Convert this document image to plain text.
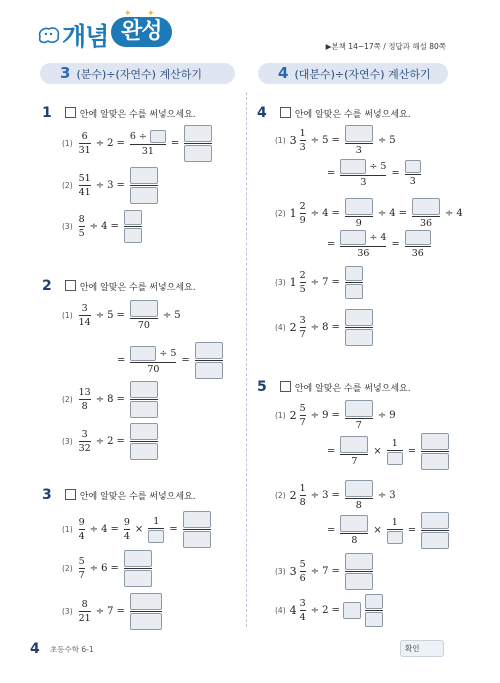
개념 완성
✦ ✦
▶본책 14~17쪽 / 정답과 해설 80쪽
3 (분수)÷(자연수) 계산하기	4 (대분수)÷(자연수) 계산하기
1	안에 알맞은 수를 써넣으세요.
(1)
6
31
÷ 2 =
6 ÷
31
=
(2)
51
41
÷ 3 =
(3)
8
5
÷ 4 =
2	안에 알맞은 수를 써넣으세요.
(1)
3
14
÷ 5 =
70
÷ 5
=
÷ 5
70
=
(2)
13
8
÷ 8 =
(3)
3
32
÷ 2 =
3	안에 알맞은 수를 써넣으세요.
(1)
9
4
÷ 4 =
9
4
×
1
=
(2)
5
7
÷ 6 =
(3)
8
21
÷ 7 =
4	안에 알맞은 수를 써넣으세요.
(1) 3
1
3
÷ 5 =
3
÷ 5
=
÷ 5
3
=
3
(2) 1
2
9
÷ 4 =
9
÷ 4 =
36
÷ 4
=
÷ 4
36
=
36
(3) 1
2
5
÷ 7 =
(4) 2
3
7
÷ 8 =
5	안에 알맞은 수를 써넣으세요.
(1) 2
5
7
÷ 9 =
7
÷ 9
=
7
×
1
=
(2) 2
1
8
÷ 3 =
8
÷ 3
=
8
×
1
=
(3) 3
5
6
÷ 7 =
(4) 4
3
4
÷ 2 =
4 초등수학 6-1	확인
